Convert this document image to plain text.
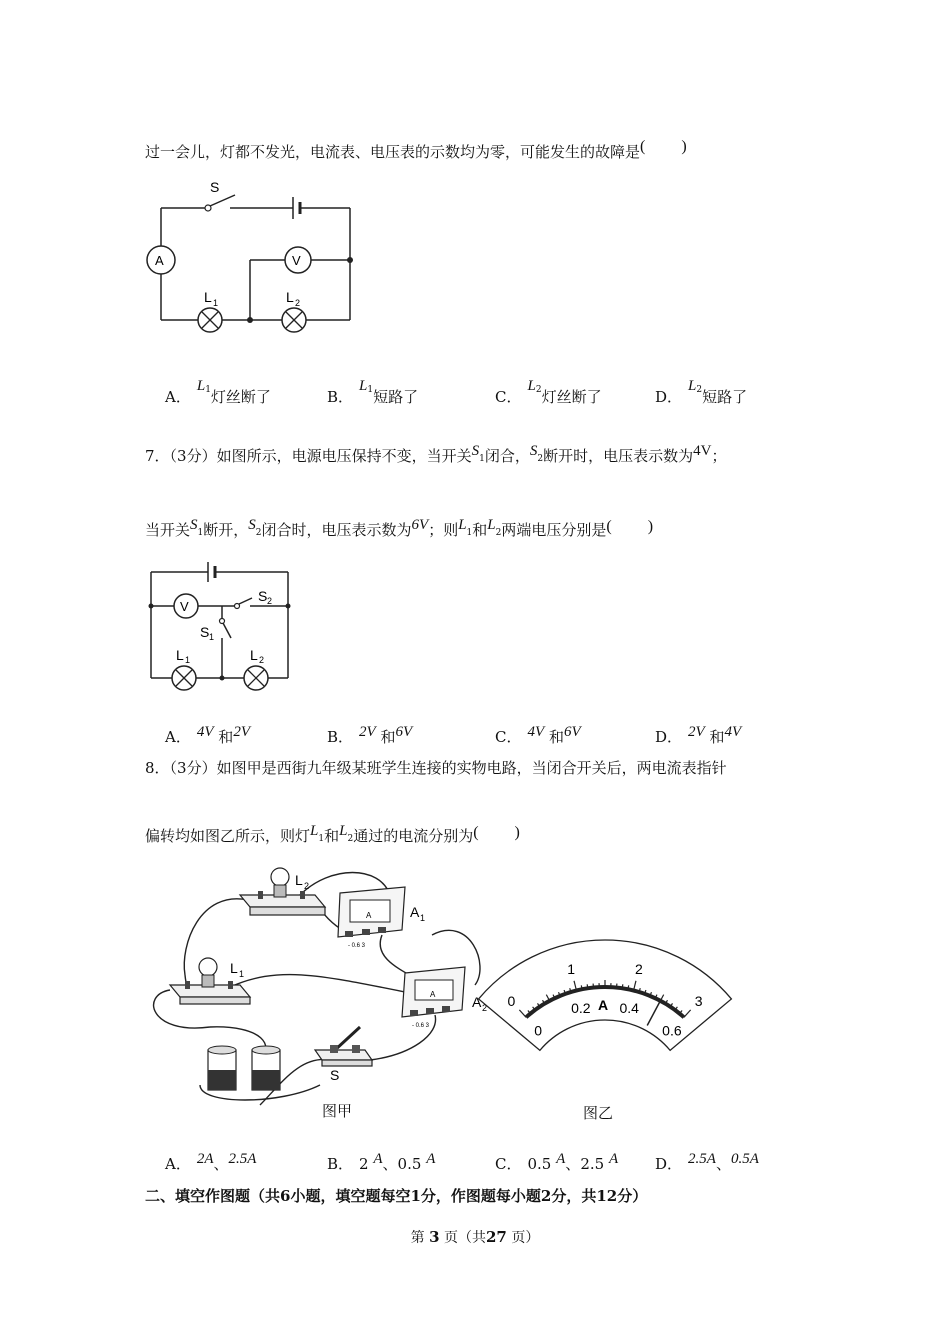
过一会儿，灯都不发光，电流表、电压表的示数均为零，可能发生的故障是( )
S
A	V
L 1	L 2
A．$L^1$灯丝断了	B．$L^1$短路了	C．$L^2$灯丝断了	D．$L^2$短路了
7．（3分）如图所示，电源电压保持不变，当开关S1闭合，S2断开时，电压表示数为4V；
当开关S1断开，S2闭合时，电压表示数为6V；则L1和L2两端电压分别是( )
V
S 2
S 1
L 1	L 2
A． 4V 和2V	B． 2V 和6V	C． 4V 和6V	D． 2V 和4V
8．（3分）如图甲是西街九年级某班学生连接的实物电路，当闭合开关后，两电流表指针
偏转均如图乙所示，则灯L1和L2通过的电流分别为( )
L 2
A
- 0.6 3
A 1
L 1
A
- 0.6 3
A 2
S
图甲
0
1	2
3
0
0.2 0.4
0.6
A
图乙
A． 2A、2.5A	B． 2 A、0.5 A	C． 0.5 A、2.5 A D． 2.5A、0.5A
二、填空作图题（共6小题，填空题每空1分，作图题每小题2分，共12分）
第 3 页（共27 页）
